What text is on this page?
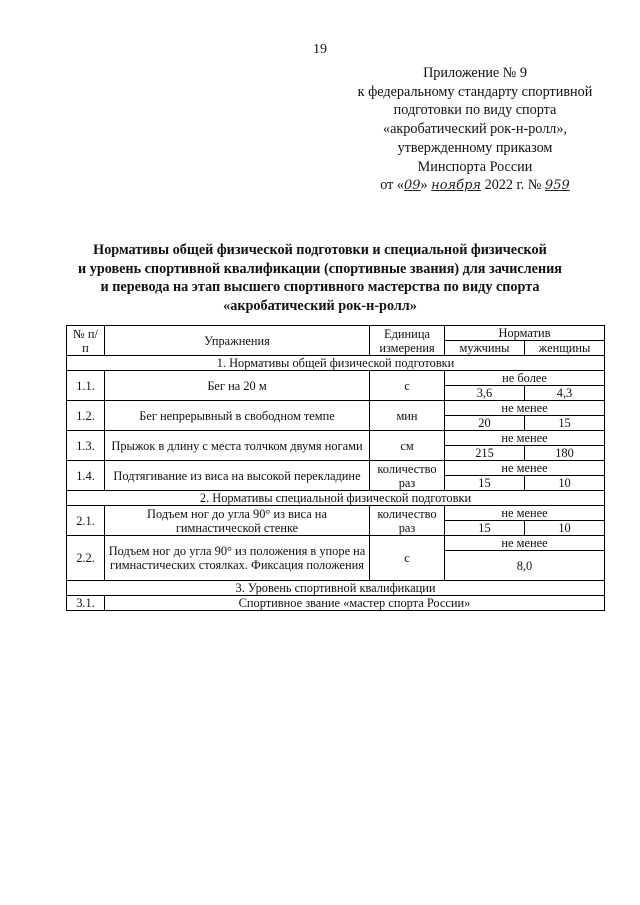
19
Приложение № 9
к федеральному стандарту спортивной
подготовки по виду спорта
«акробатический рок-н-ролл»,
утвержденному приказом
Минспорта России
от «09» ноября 2022 г. № 959
Нормативы общей физической подготовки и специальной физической
и уровень спортивной квалификации (спортивные звания) для зачисления
и перевода на этап высшего спортивного мастерства по виду спорта
«акробатический рок-н-ролл»
№ п/п	Упражнения	Единица измерения	Норматив	
			мужчины	женщины
1. Нормативы общей физической подготовки				
1.1.	Бег на 20 м	с	не более	
			3,6	4,3
1.2.	Бег непрерывный в свободном темпе	мин	не менее	
			20	15
1.3.	Прыжок в длину с места толчком двумя ногами	см	не менее	
			215	180
1.4.	Подтягивание из виса на высокой перекладине	количество раз	не менее	
			15	10
2. Нормативы специальной физической подготовки				
2.1.	Подъем ног до угла 90° из виса на гимнастической стенке	количество раз	не менее	
			15	10
2.2.	Подъем ног до угла 90° из положения в упоре на гимнастических стоялках. Фиксация положения	с	не менее	
			8,0	
3. Уровень спортивной квалификации				
3.1.	Спортивное звание «мастер спорта России»			
